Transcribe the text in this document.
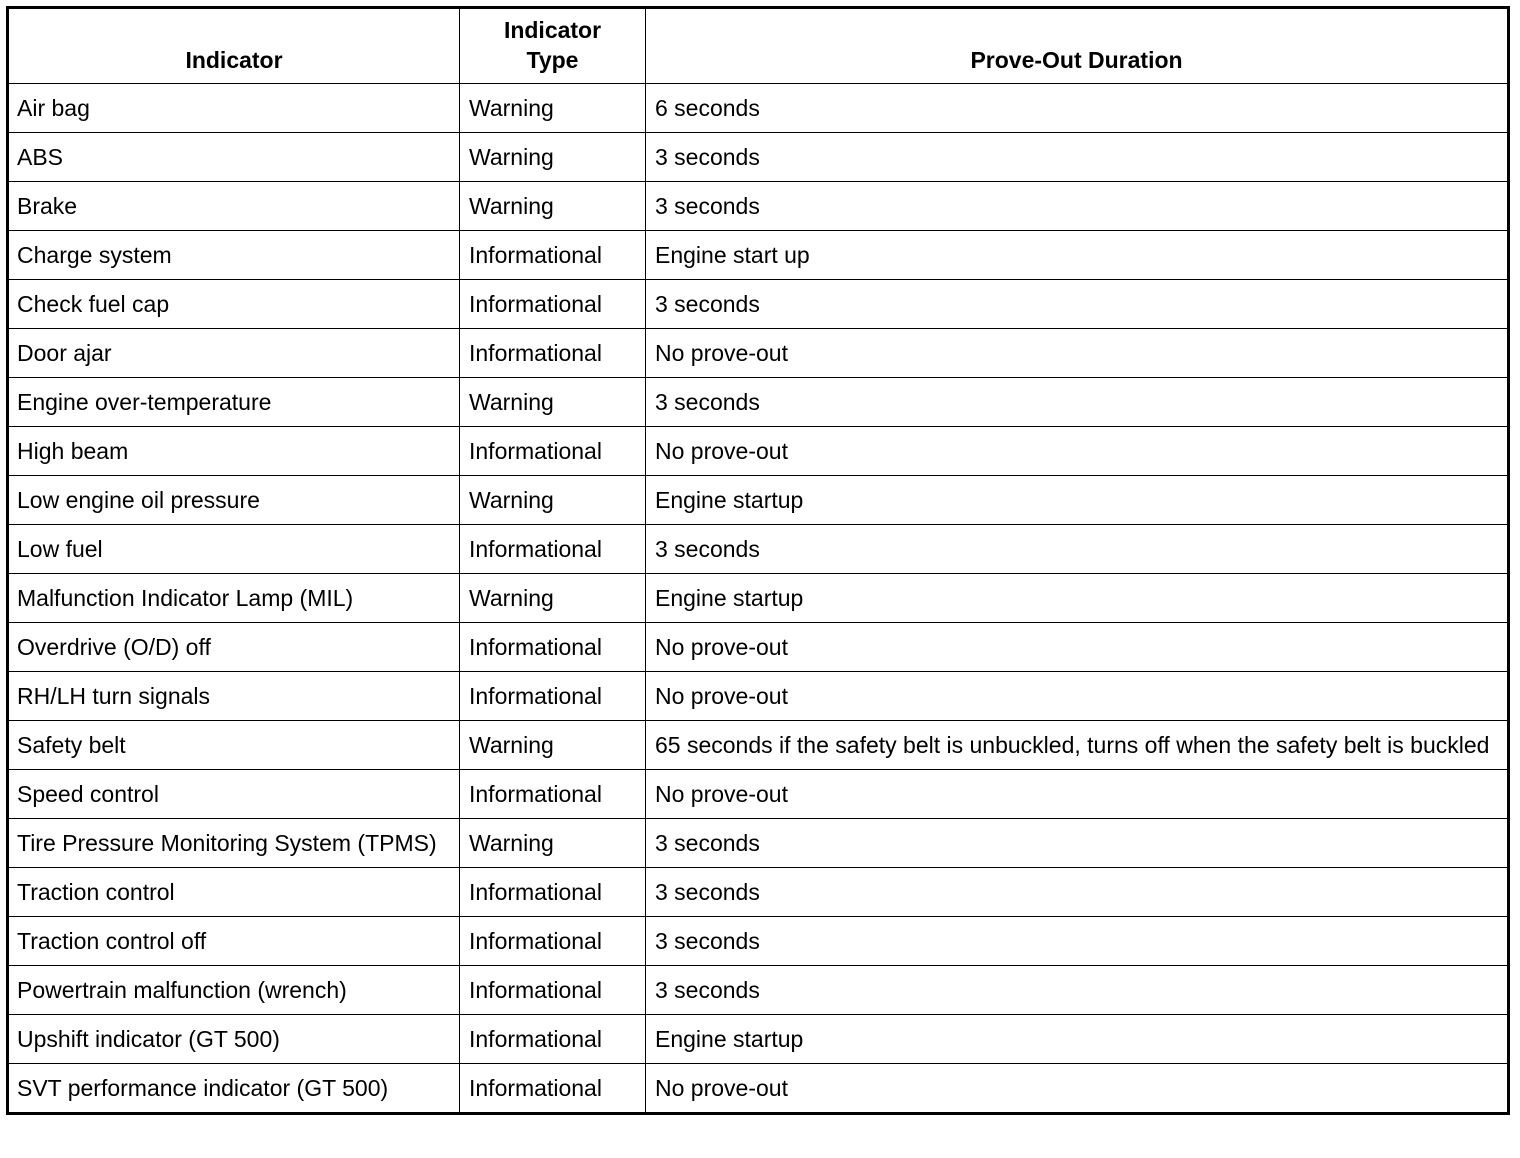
Indicator	Indicator Type	Prove-Out Duration
Air bag	Warning	6 seconds
ABS	Warning	3 seconds
Brake	Warning	3 seconds
Charge system	Informational	Engine start up
Check fuel cap	Informational	3 seconds
Door ajar	Informational	No prove-out
Engine over-temperature	Warning	3 seconds
High beam	Informational	No prove-out
Low engine oil pressure	Warning	Engine startup
Low fuel	Informational	3 seconds
Malfunction Indicator Lamp (MIL)	Warning	Engine startup
Overdrive (O/D) off	Informational	No prove-out
RH/LH turn signals	Informational	No prove-out
Safety belt	Warning	65 seconds if the safety belt is unbuckled, turns off when the safety belt is buckled
Speed control	Informational	No prove-out
Tire Pressure Monitoring System (TPMS)	Warning	3 seconds
Traction control	Informational	3 seconds
Traction control off	Informational	3 seconds
Powertrain malfunction (wrench)	Informational	3 seconds
Upshift indicator (GT 500)	Informational	Engine startup
SVT performance indicator (GT 500)	Informational	No prove-out
